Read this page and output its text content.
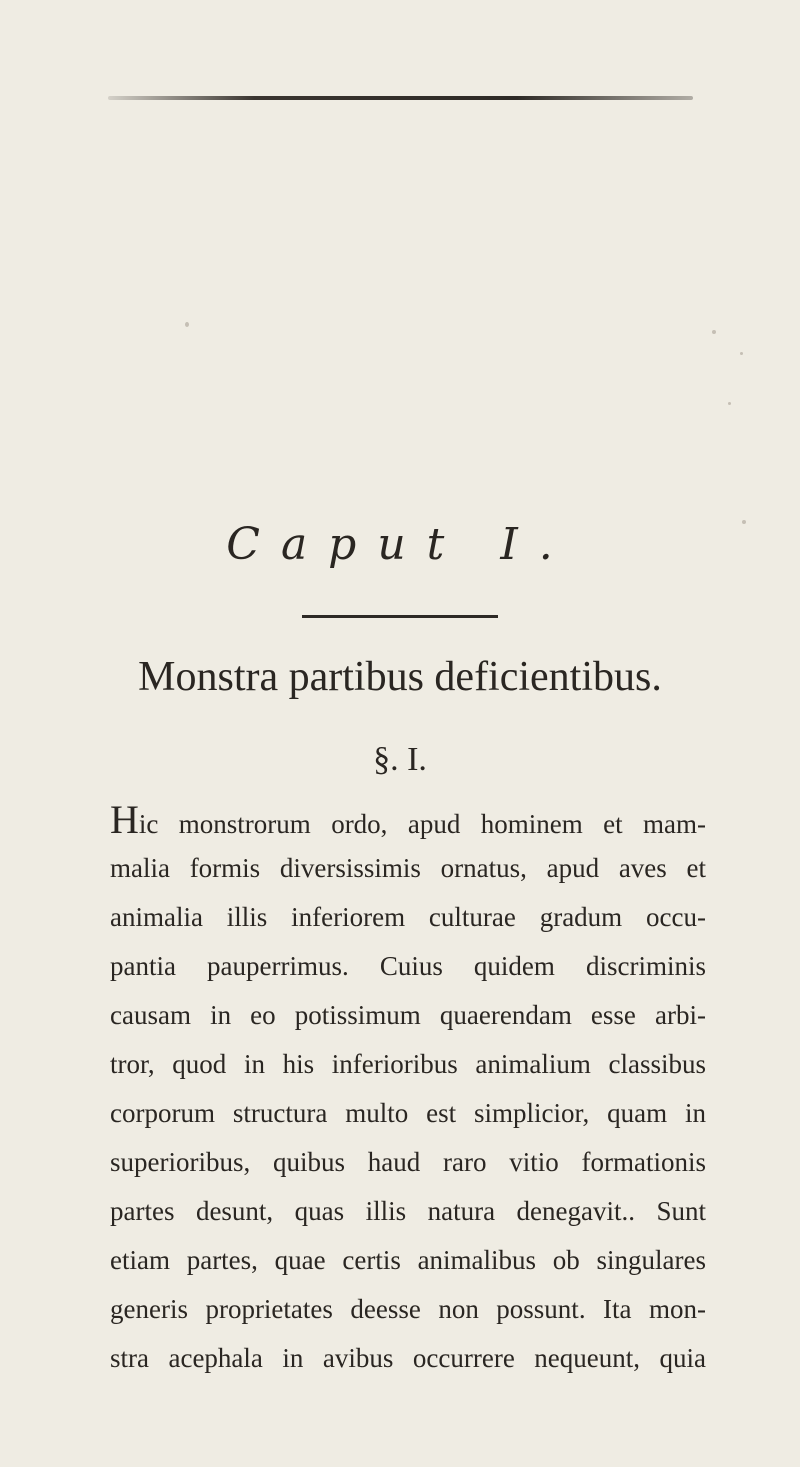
Caput I.
Monstra partibus deficientibus.
§. I.
Hic monstrorum ordo, apud hominem et mam-
malia formis diversissimis ornatus, apud aves et
animalia illis inferiorem culturae gradum occu-
pantia pauperrimus. Cuius quidem discriminis
causam in eo potissimum quaerendam esse arbi-
tror, quod in his inferioribus animalium classibus
corporum structura multo est simplicior, quam in
superioribus, quibus haud raro vitio formationis
partes desunt, quas illis natura denegavit.. Sunt
etiam partes, quae certis animalibus ob singulares
generis proprietates deesse non possunt. Ita mon-
stra acephala in avibus occurrere nequeunt, quia
